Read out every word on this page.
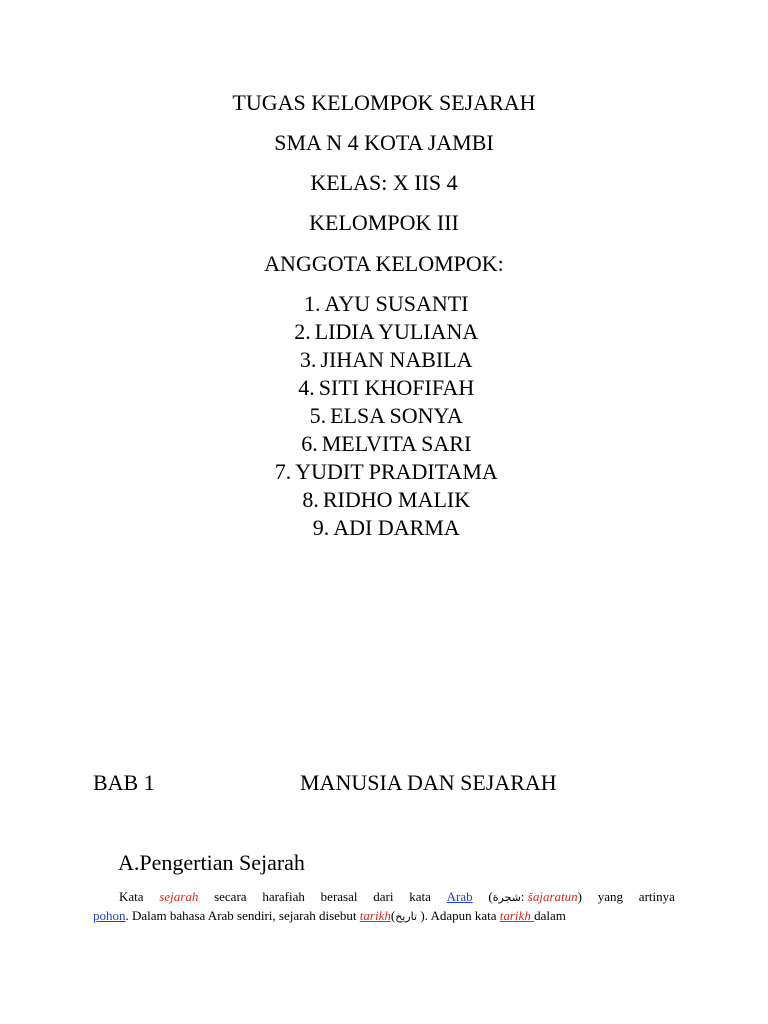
TUGAS KELOMPOK SEJARAH
SMA N 4 KOTA JAMBI
KELAS: X IIS 4
KELOMPOK III
ANGGOTA KELOMPOK:
1. AYU SUSANTI
2. LIDIA YULIANA
3. JIHAN NABILA
4. SITI KHOFIFAH
5. ELSA SONYA
6. MELVITA SARI
7. YUDIT PRADITAMA
8. RIDHO MALIK
9. ADI DARMA
BAB 1	MANUSIA DAN SEJARAH
A.Pengertian Sejarah
Kata sejarah secara harafiah berasal dari kata Arab (شجرة: šajaratun) yang artinya
pohon. Dalam bahasa Arab sendiri, sejarah disebut tarikh(تاريخ ). Adapun kata tarikh dalam
